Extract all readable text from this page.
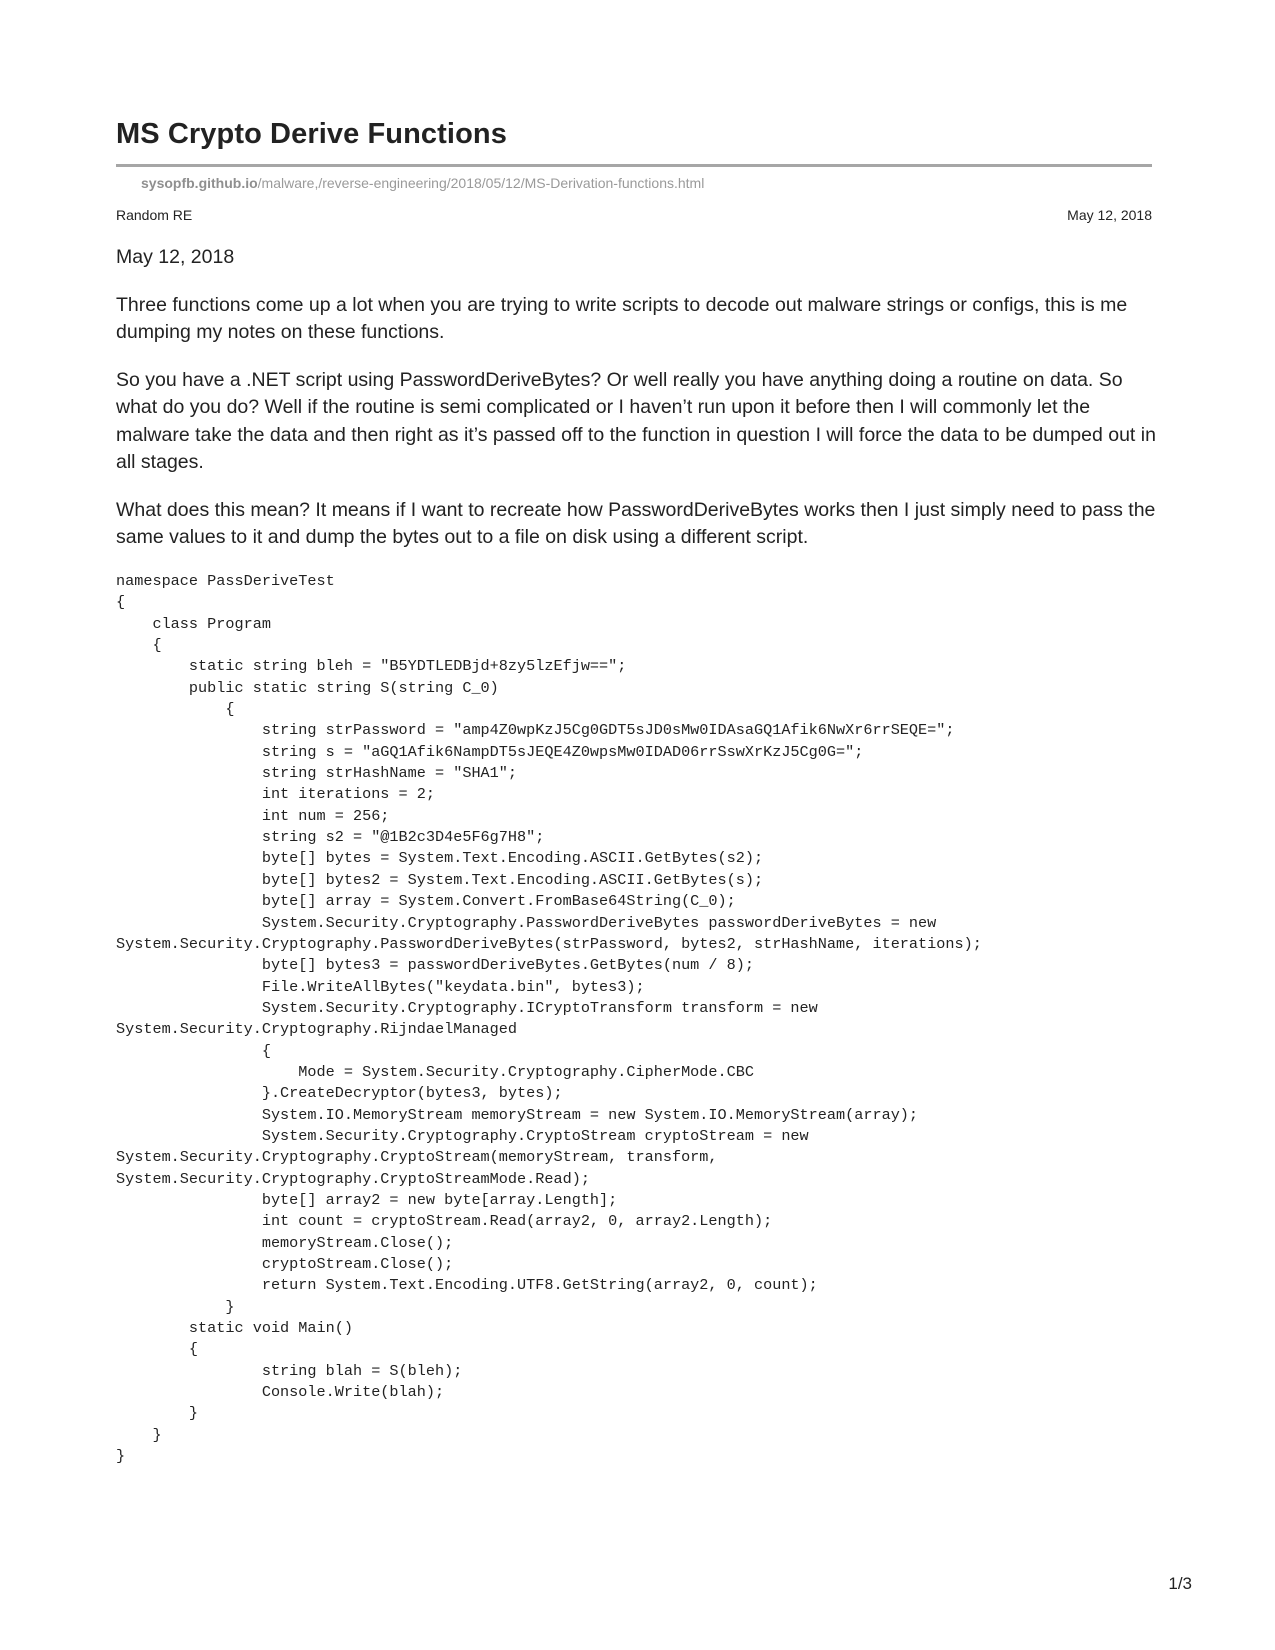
MS Crypto Derive Functions
sysopfb.github.io/malware,/reverse-engineering/2018/05/12/MS-Derivation-functions.html
Random RE	May 12, 2018
May 12, 2018

Three functions come up a lot when you are trying to write scripts to decode out malware strings or configs, this is me dumping my notes on these functions.

So you have a .NET script using PasswordDeriveBytes? Or well really you have anything doing a routine on data. So what do you do? Well if the routine is semi complicated or I haven’t run upon it before then I will commonly let the malware take the data and then right as it’s passed off to the function in question I will force the data to be dumped out in all stages.

What does this mean? It means if I want to recreate how PasswordDeriveBytes works then I just simply need to pass the same values to it and dump the bytes out to a file on disk using a different script.

namespace PassDeriveTest
{
class Program
{
static string bleh = "B5YDTLEDBjd+8zy5lzEfjw==";
public static string S(string C_0)
{
string strPassword = "amp4Z0wpKzJ5Cg0GDT5sJD0sMw0IDAsaGQ1Afik6NwXr6rrSEQE=";
string s = "aGQ1Afik6NampDT5sJEQE4Z0wpsMw0IDAD06rrSswXrKzJ5Cg0G=";
string strHashName = "SHA1";
int iterations = 2;
int num = 256;
string s2 = "@1B2c3D4e5F6g7H8";
byte[] bytes = System.Text.Encoding.ASCII.GetBytes(s2);
byte[] bytes2 = System.Text.Encoding.ASCII.GetBytes(s);
byte[] array = System.Convert.FromBase64String(C_0);
System.Security.Cryptography.PasswordDeriveBytes passwordDeriveBytes = new
System.Security.Cryptography.PasswordDeriveBytes(strPassword, bytes2, strHashName, iterations);
byte[] bytes3 = passwordDeriveBytes.GetBytes(num / 8);
File.WriteAllBytes("keydata.bin", bytes3);
System.Security.Cryptography.ICryptoTransform transform = new
System.Security.Cryptography.RijndaelManaged
{
Mode = System.Security.Cryptography.CipherMode.CBC
}.CreateDecryptor(bytes3, bytes);
System.IO.MemoryStream memoryStream = new System.IO.MemoryStream(array);
System.Security.Cryptography.CryptoStream cryptoStream = new
System.Security.Cryptography.CryptoStream(memoryStream, transform,
System.Security.Cryptography.CryptoStreamMode.Read);
byte[] array2 = new byte[array.Length];
int count = cryptoStream.Read(array2, 0, array2.Length);
memoryStream.Close();
cryptoStream.Close();
return System.Text.Encoding.UTF8.GetString(array2, 0, count);
}
static void Main()
{
string blah = S(bleh);
Console.Write(blah);
}
}
}
1/3
